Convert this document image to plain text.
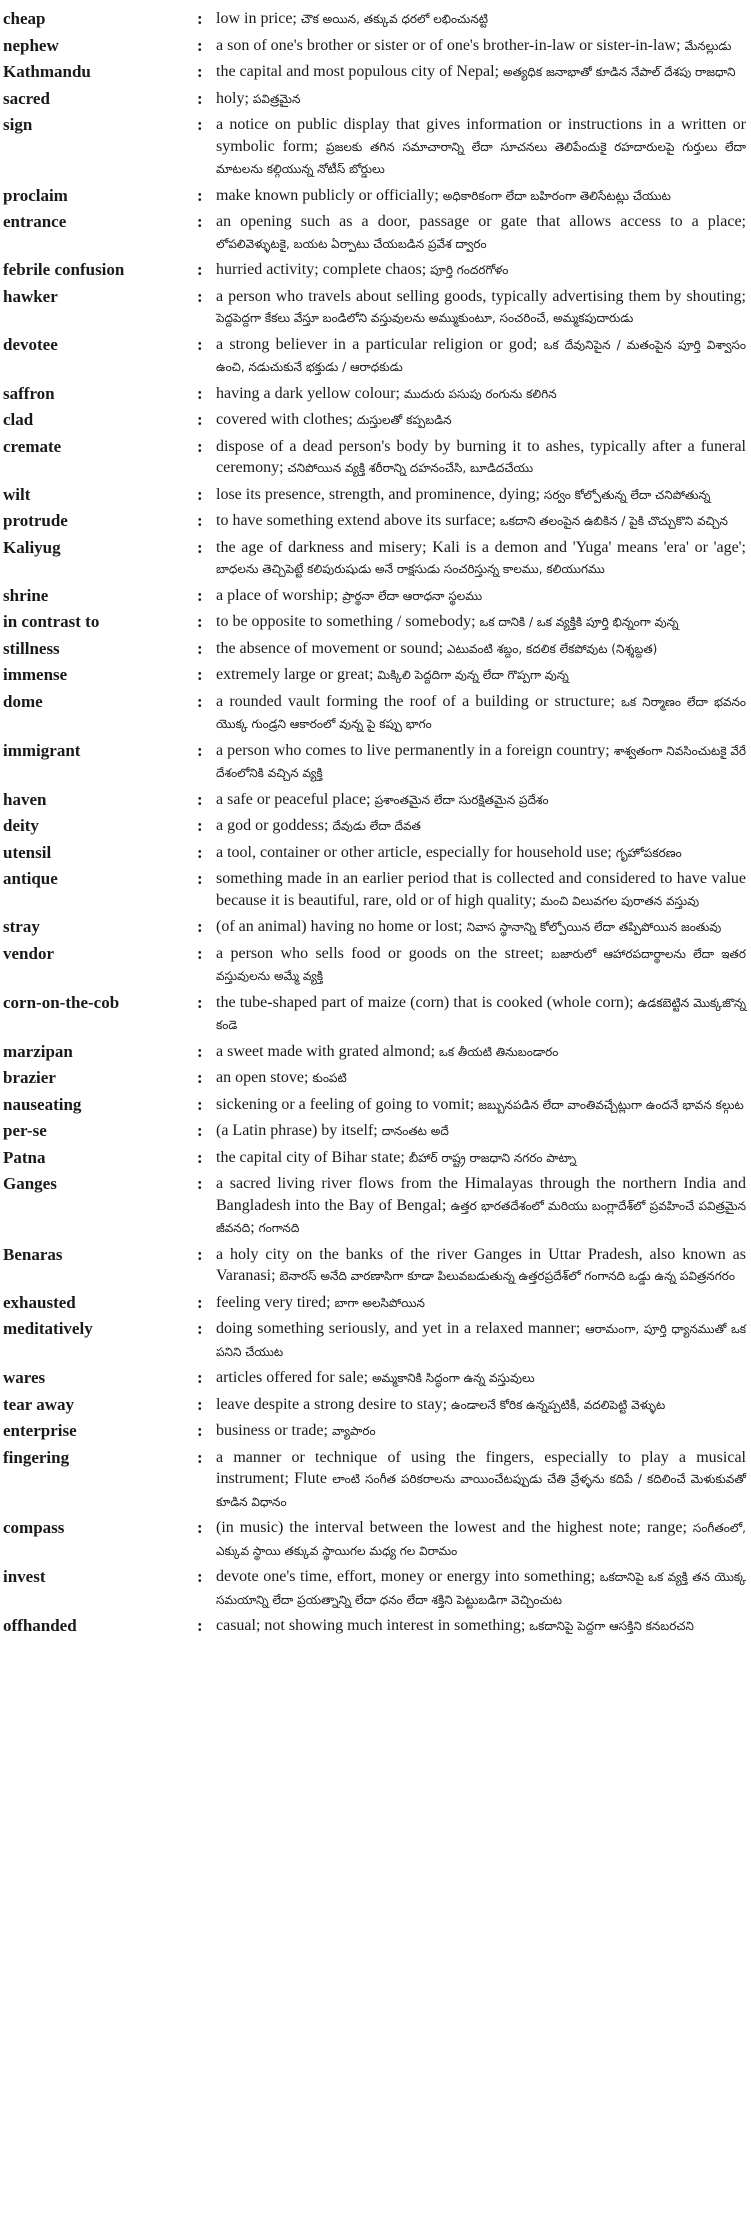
cheap	: low in price; చౌక అయిన, తక్కువ ధరలో లభించునట్టి
nephew	: a son of one's brother or sister or of one's brother-in-law or sister-in-law; మేనల్లుడు
Kathmandu	: the capital and most populous city of Nepal; అత్యధిక జనాభాతో కూడిన నేపాల్ దేశపు రాజధాని
sacred	: holy; పవిత్రమైన
sign	: a notice on public display that gives information or instructions in a written or symbolic form; ప్రజలకు తగిన సమాచారాన్ని లేదా సూచనలు తెలిపేందుకై రహదారులపై గుర్తులు లేదా మాటలను కల్గియున్న నోటీస్ బోర్డులు
proclaim	: make known publicly or officially; అధికారికంగా లేదా బహిరంగా తెలిసేటట్లు చేయుట
entrance	: an opening such as a door, passage or gate that allows access to a place; లోపలివెళ్ళుటకై, బయట ఏర్పాటు చేయబడిన ప్రవేశ ద్వారం
febrile confusion	: hurried activity; complete chaos; పూర్తి గందరగోళం
hawker	: a person who travels about selling goods, typically advertising them by shouting; పెద్దపెద్దగా కేకలు వేస్తూ బండిలోని వస్తువులను అమ్ముకుంటూ, సంచరించే, అమ్మకపుదారుడు
devotee	: a strong believer in a particular religion or god; ఒక దేవునిపైన / మతంపైన పూర్తి విశ్వాసం ఉంచి, నడుచుకునే భక్తుడు / ఆరాధకుడు
saffron	: having a dark yellow colour; ముదురు పసుపు రంగును కలిగిన
clad	: covered with clothes; దుస్తులతో కప్పబడిన
cremate	: dispose of a dead person's body by burning it to ashes, typically after a funeral ceremony; చనిపోయిన వ్యక్తి శరీరాన్ని దహనంచేసి, బూడిదచేయు
wilt	: lose its presence, strength, and prominence, dying; సర్వం కోల్పోతున్న లేదా చనిపోతున్న
protrude	: to have something extend above its surface; ఒకదాని తలంపైన ఉబికిన / పైకి చొచ్చుకొని వచ్చిన
Kaliyug	: the age of darkness and misery; Kali is a demon and 'Yuga' means 'era' or 'age'; బాధలను తెచ్చిపెట్టే కలిపురుషుడు అనే రాక్షసుడు సంచరిస్తున్న కాలము, కలియుగము
shrine	: a place of worship; ప్రార్థనా లేదా ఆరాధనా స్థలము
in contrast to	: to be opposite to something / somebody; ఒక దానికి / ఒక వ్యక్తికి పూర్తి భిన్నంగా వున్న
stillness	: the absence of movement or sound; ఎటువంటి శబ్దం, కదలిక లేకపోవుట (నిశ్శబ్దత)
immense	: extremely large or great; మిక్కిలి పెద్దదిగా వున్న లేదా గొప్పగా వున్న
dome	: a rounded vault forming the roof of a building or structure; ఒక నిర్మాణం లేదా భవనం యొక్క గుండ్రని ఆకారంలో వున్న పై కప్పు భాగం
immigrant	: a person who comes to live permanently in a foreign country; శాశ్వతంగా నివసించుటకై వేరే దేశంలోనికి వచ్చిన వ్యక్తి
haven	: a safe or peaceful place; ప్రశాంతమైన లేదా సురక్షితమైన ప్రదేశం
deity	: a god or goddess; దేవుడు లేదా దేవత
utensil	: a tool, container or other article, especially for household use; గృహోపకరణం
antique	: something made in an earlier period that is collected and considered to have value because it is beautiful, rare, old or of high quality; మంచి విలువగల పురాతన వస్తువు
stray	: (of an animal) having no home or lost; నివాస స్థానాన్ని కోల్పోయిన లేదా తప్పిపోయిన జంతువు
vendor	: a person who sells food or goods on the street; బజారులో ఆహారపదార్థాలను లేదా ఇతర వస్తువులను అమ్మే వ్యక్తి
corn-on-the-cob	: the tube-shaped part of maize (corn) that is cooked (whole corn); ఉడకబెట్టిన మొక్కజొన్న కండె
marzipan	: a sweet made with grated almond; ఒక తీయటి తినుబండారం
brazier	: an open stove; కుంపటి
nauseating	: sickening or a feeling of going to vomit; జబ్బునపడిన లేదా వాంతివచ్చేట్లుగా ఉందనే భావన కల్గుట
per-se	: (a Latin phrase) by itself; దానంతట అదే
Patna	: the capital city of Bihar state; బీహార్ రాష్ట్ర రాజధాని నగరం పాట్నా
Ganges	: a sacred living river flows from the Himalayas through the northern India and Bangladesh into the Bay of Bengal; ఉత్తర భారతదేశంలో మరియు బంగ్లాదేశ్‌లో ప్రవహించే పవిత్రమైన జీవనది; గంగానది
Benaras	: a holy city on the banks of the river Ganges in Uttar Pradesh, also known as Varanasi; బెనారస్ అనేది వారణాసిగా కూడా పిలువబడుతున్న ఉత్తరప్రదేశ్‌లో గంగానది ఒడ్డు ఉన్న పవిత్రనగరం
exhausted	: feeling very tired; బాగా అలసిపోయిన
meditatively	: doing something seriously, and yet in a relaxed manner; ఆరామంగా, పూర్తి ధ్యానముతో ఒక పనిని చేయుట
wares	: articles offered for sale; అమ్మకానికి సిద్ధంగా ఉన్న వస్తువులు
tear away	: leave despite a strong desire to stay; ఉండాలనే కోరిక ఉన్నప్పటికీ, వదలిపెట్టి వెళ్ళుట
enterprise	: business or trade; వ్యాపారం
fingering	: a manner or technique of using the fingers, especially to play a musical instrument; Flute లాంటి సంగీత పరికరాలను వాయించేటప్పుడు చేతి వ్రేళ్ళను కదిపే / కదిలించే మెళుకువతో కూడిన విధానం
compass	: (in music) the interval between the lowest and the highest note; range; సంగీతంలో, ఎక్కువ స్థాయి తక్కువ స్థాయిగల మధ్య గల విరామం
invest	: devote one's time, effort, money or energy into something; ఒకదానిపై ఒక వ్యక్తి తన యొక్క సమయాన్ని లేదా ప్రయత్నాన్ని లేదా ధనం లేదా శక్తిని పెట్టుబడిగా వెచ్చించుట
offhanded	: casual; not showing much interest in something; ఒకదానిపై పెద్దగా ఆసక్తిని కనబరచని
